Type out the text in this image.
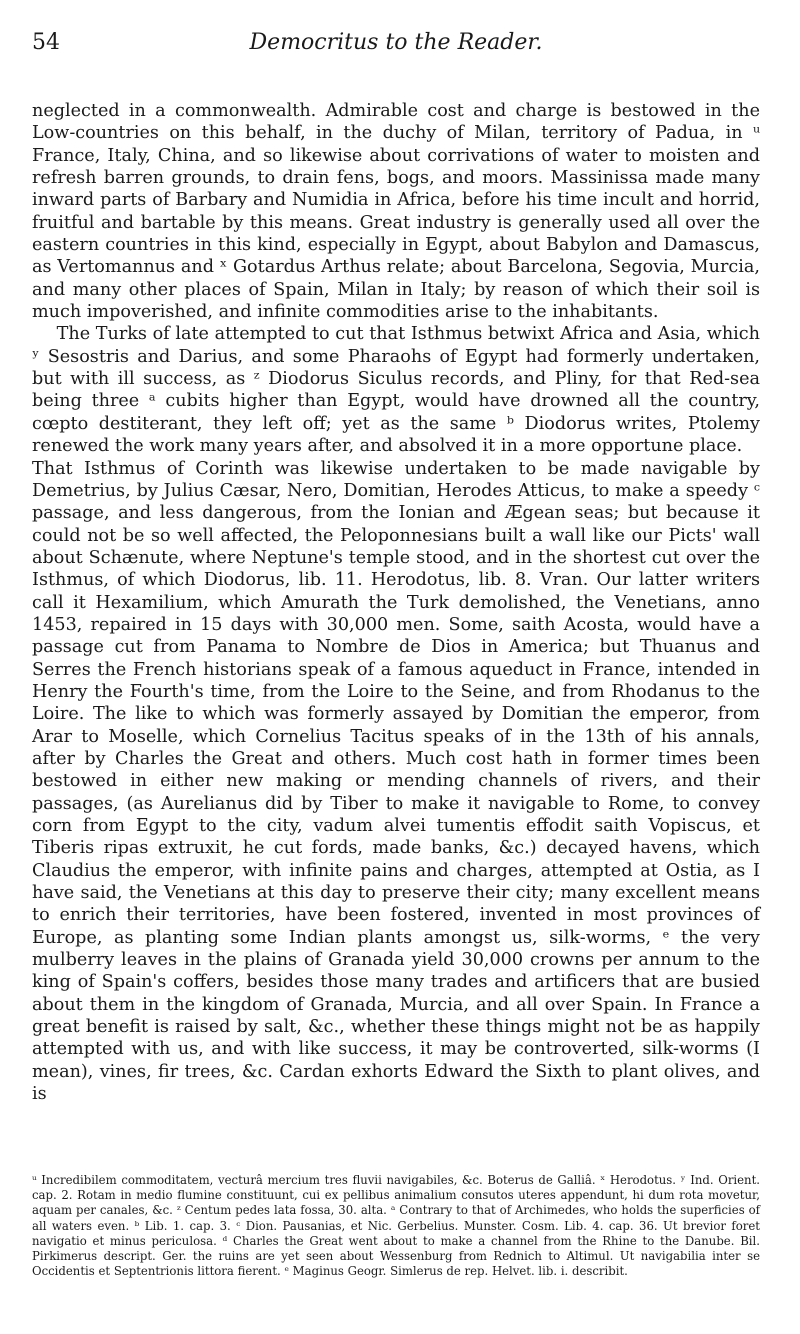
54	Democritus to the Reader.

neglected in a commonwealth. Admirable cost and charge is bestowed in the Low-countries on this behalf, in the duchy of Milan, territory of Padua, in ᵘ France, Italy, China, and so likewise about corrivations of water to moisten and refresh barren grounds, to drain fens, bogs, and moors. Massinissa made many inward parts of Barbary and Numidia in Africa, before his time incult and horrid, fruitful and bartable by this means. Great industry is generally used all over the eastern countries in this kind, especially in Egypt, about Babylon and Damascus, as Vertomannus and ˣ Gotardus Arthus relate; about Barcelona, Segovia, Murcia, and many other places of Spain, Milan in Italy; by reason of which their soil is much impoverished, and infinite commodities arise to the inhabitants.

The Turks of late attempted to cut that Isthmus betwixt Africa and Asia, which ʸ Sesostris and Darius, and some Pharaohs of Egypt had formerly undertaken, but with ill success, as ᶻ Diodorus Siculus records, and Pliny, for that Red-sea being three ᵃ cubits higher than Egypt, would have drowned all the country, cœpto destiterant, they left off; yet as the same ᵇ Diodorus writes, Ptolemy renewed the work many years after, and absolved it in a more opportune place.

That Isthmus of Corinth was likewise undertaken to be made navigable by Demetrius, by Julius Cæsar, Nero, Domitian, Herodes Atticus, to make a speedy ᶜ passage, and less dangerous, from the Ionian and Ægean seas; but because it could not be so well affected, the Peloponnesians built a wall like our Picts' wall about Schænute, where Neptune's temple stood, and in the shortest cut over the Isthmus, of which Diodorus, lib. 11. Herodotus, lib. 8. Vran. Our latter writers call it Hexamilium, which Amurath the Turk demolished, the Venetians, anno 1453, repaired in 15 days with 30,000 men. Some, saith Acosta, would have a passage cut from Panama to Nombre de Dios in America; but Thuanus and Serres the French historians speak of a famous aqueduct in France, intended in Henry the Fourth's time, from the Loire to the Seine, and from Rhodanus to the Loire. The like to which was formerly assayed by Domitian the emperor, from Arar to Moselle, which Cornelius Tacitus speaks of in the 13th of his annals, after by Charles the Great and others. Much cost hath in former times been bestowed in either new making or mending channels of rivers, and their passages, (as Aurelianus did by Tiber to make it navigable to Rome, to convey corn from Egypt to the city, vadum alvei tumentis effodit saith Vopiscus, et Tiberis ripas extruxit, he cut fords, made banks, &c.) decayed havens, which Claudius the emperor, with infinite pains and charges, attempted at Ostia, as I have said, the Venetians at this day to preserve their city; many excellent means to enrich their territories, have been fostered, invented in most provinces of Europe, as planting some Indian plants amongst us, silk-worms, ᵉ the very mulberry leaves in the plains of Granada yield 30,000 crowns per annum to the king of Spain's coffers, besides those many trades and artificers that are busied about them in the kingdom of Granada, Murcia, and all over Spain. In France a great benefit is raised by salt, &c., whether these things might not be as happily attempted with us, and with like success, it may be controverted, silk-worms (I mean), vines, fir trees, &c. Cardan exhorts Edward the Sixth to plant olives, and is

ᵘ Incredibilem commoditatem, vecturâ mercium tres fluvii navigabiles, &c. Boterus de Galliâ. ˣ Herodotus. ʸ Ind. Orient. cap. 2. Rotam in medio flumine constituunt, cui ex pellibus animalium consutos uteres appendunt, hi dum rota movetur, aquam per canales, &c. ᶻ Centum pedes lata fossa, 30. alta. ᵃ Contrary to that of Archimedes, who holds the superficies of all waters even. ᵇ Lib. 1. cap. 3. ᶜ Dion. Pausanias, et Nic. Gerbelius. Munster. Cosm. Lib. 4. cap. 36. Ut brevior foret navigatio et minus periculosa. ᵈ Charles the Great went about to make a channel from the Rhine to the Danube. Bil. Pirkimerus descript. Ger. the ruins are yet seen about Wessenburg from Rednich to Altimul. Ut navigabilia inter se Occidentis et Septentrionis littora fierent. ᵉ Maginus Geogr. Simlerus de rep. Helvet. lib. i. describit.
